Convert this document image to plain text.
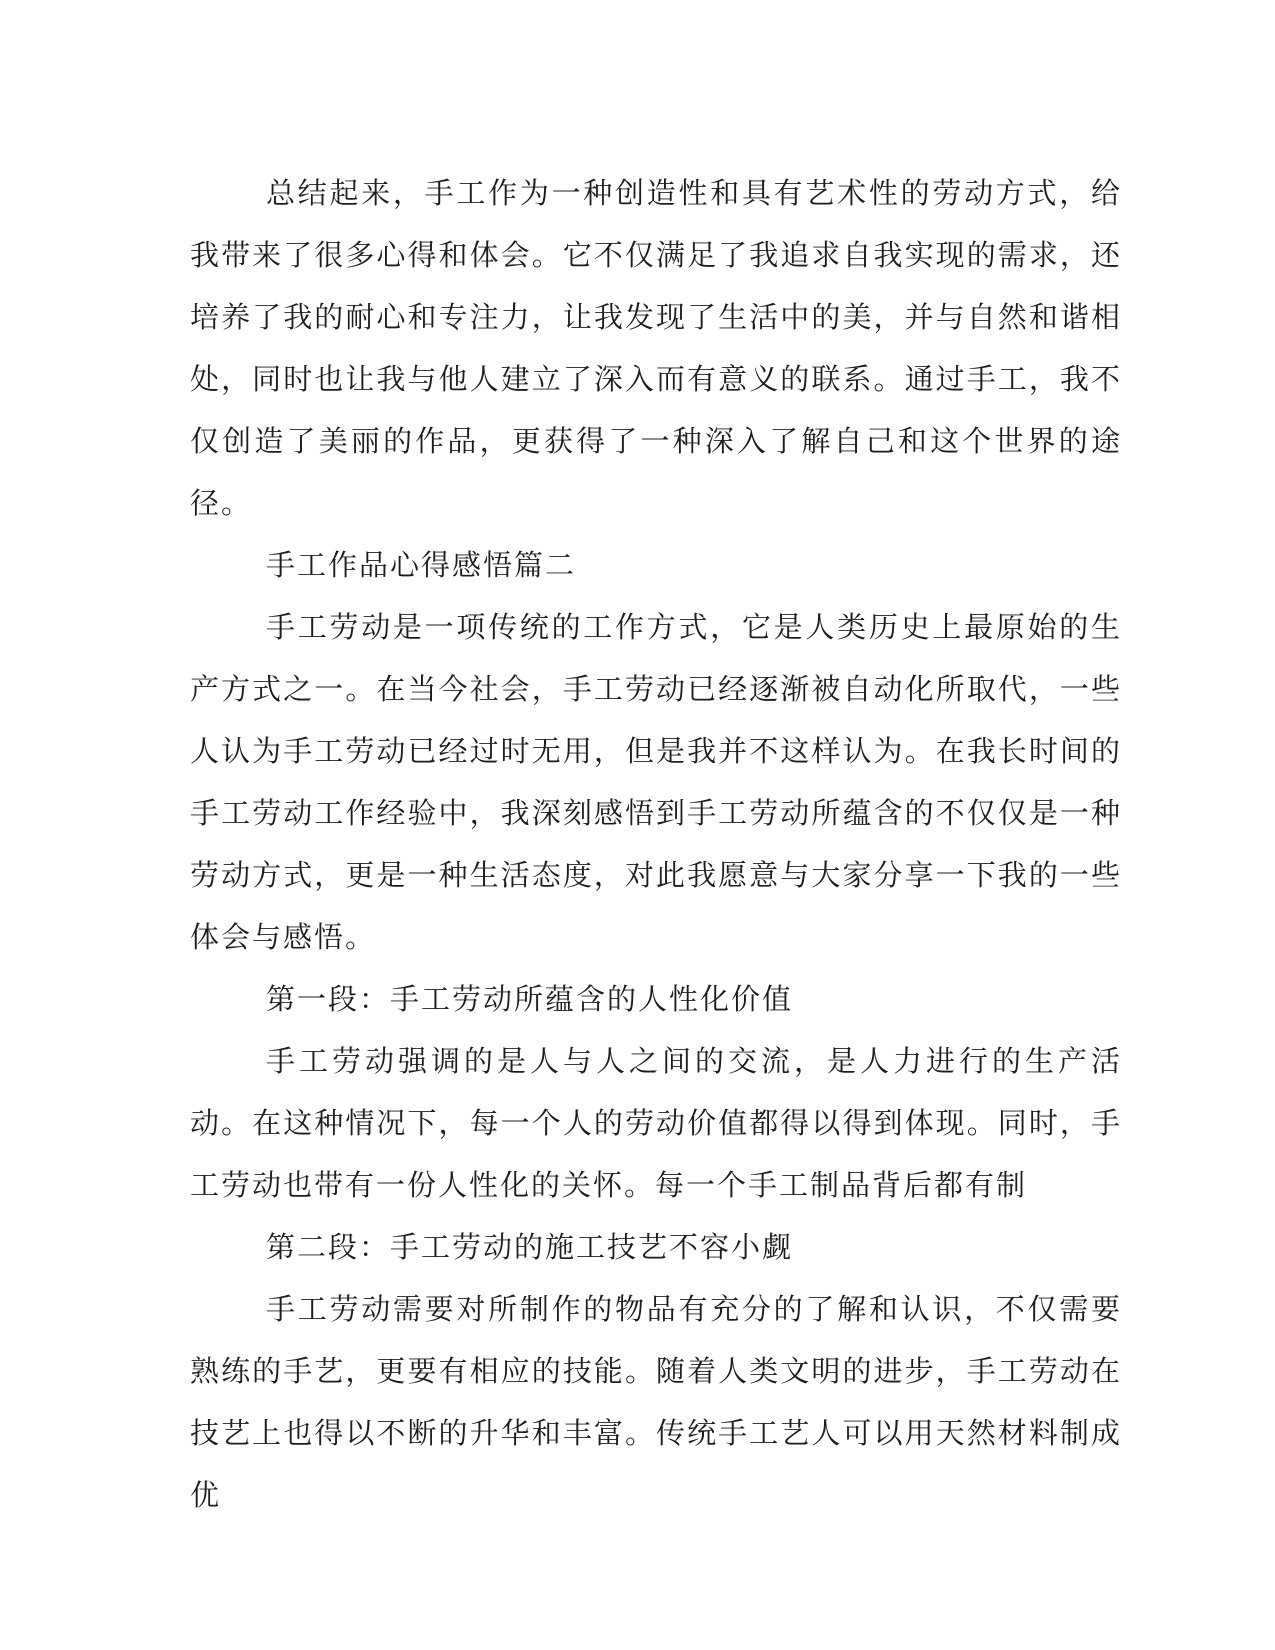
总结起来，手工作为一种创造性和具有艺术性的劳动方式，给我带来了很多心得和体会。它不仅满足了我追求自我实现的需求，还培养了我的耐心和专注力，让我发现了生活中的美，并与自然和谐相处，同时也让我与他人建立了深入而有意义的联系。通过手工，我不仅创造了美丽的作品，更获得了一种深入了解自己和这个世界的途径。

手工作品心得感悟篇二

手工劳动是一项传统的工作方式，它是人类历史上最原始的生产方式之一。在当今社会，手工劳动已经逐渐被自动化所取代，一些人认为手工劳动已经过时无用，但是我并不这样认为。在我长时间的手工劳动工作经验中，我深刻感悟到手工劳动所蕴含的不仅仅是一种劳动方式，更是一种生活态度，对此我愿意与大家分享一下我的一些体会与感悟。

第一段：手工劳动所蕴含的人性化价值

手工劳动强调的是人与人之间的交流，是人力进行的生产活动。在这种情况下，每一个人的劳动价值都得以得到体现。同时，手工劳动也带有一份人性化的关怀。每一个手工制品背后都有制

第二段：手工劳动的施工技艺不容小觑

手工劳动需要对所制作的物品有充分的了解和认识，不仅需要熟练的手艺，更要有相应的技能。随着人类文明的进步，手工劳动在技艺上也得以不断的升华和丰富。传统手工艺人可以用天然材料制成优
